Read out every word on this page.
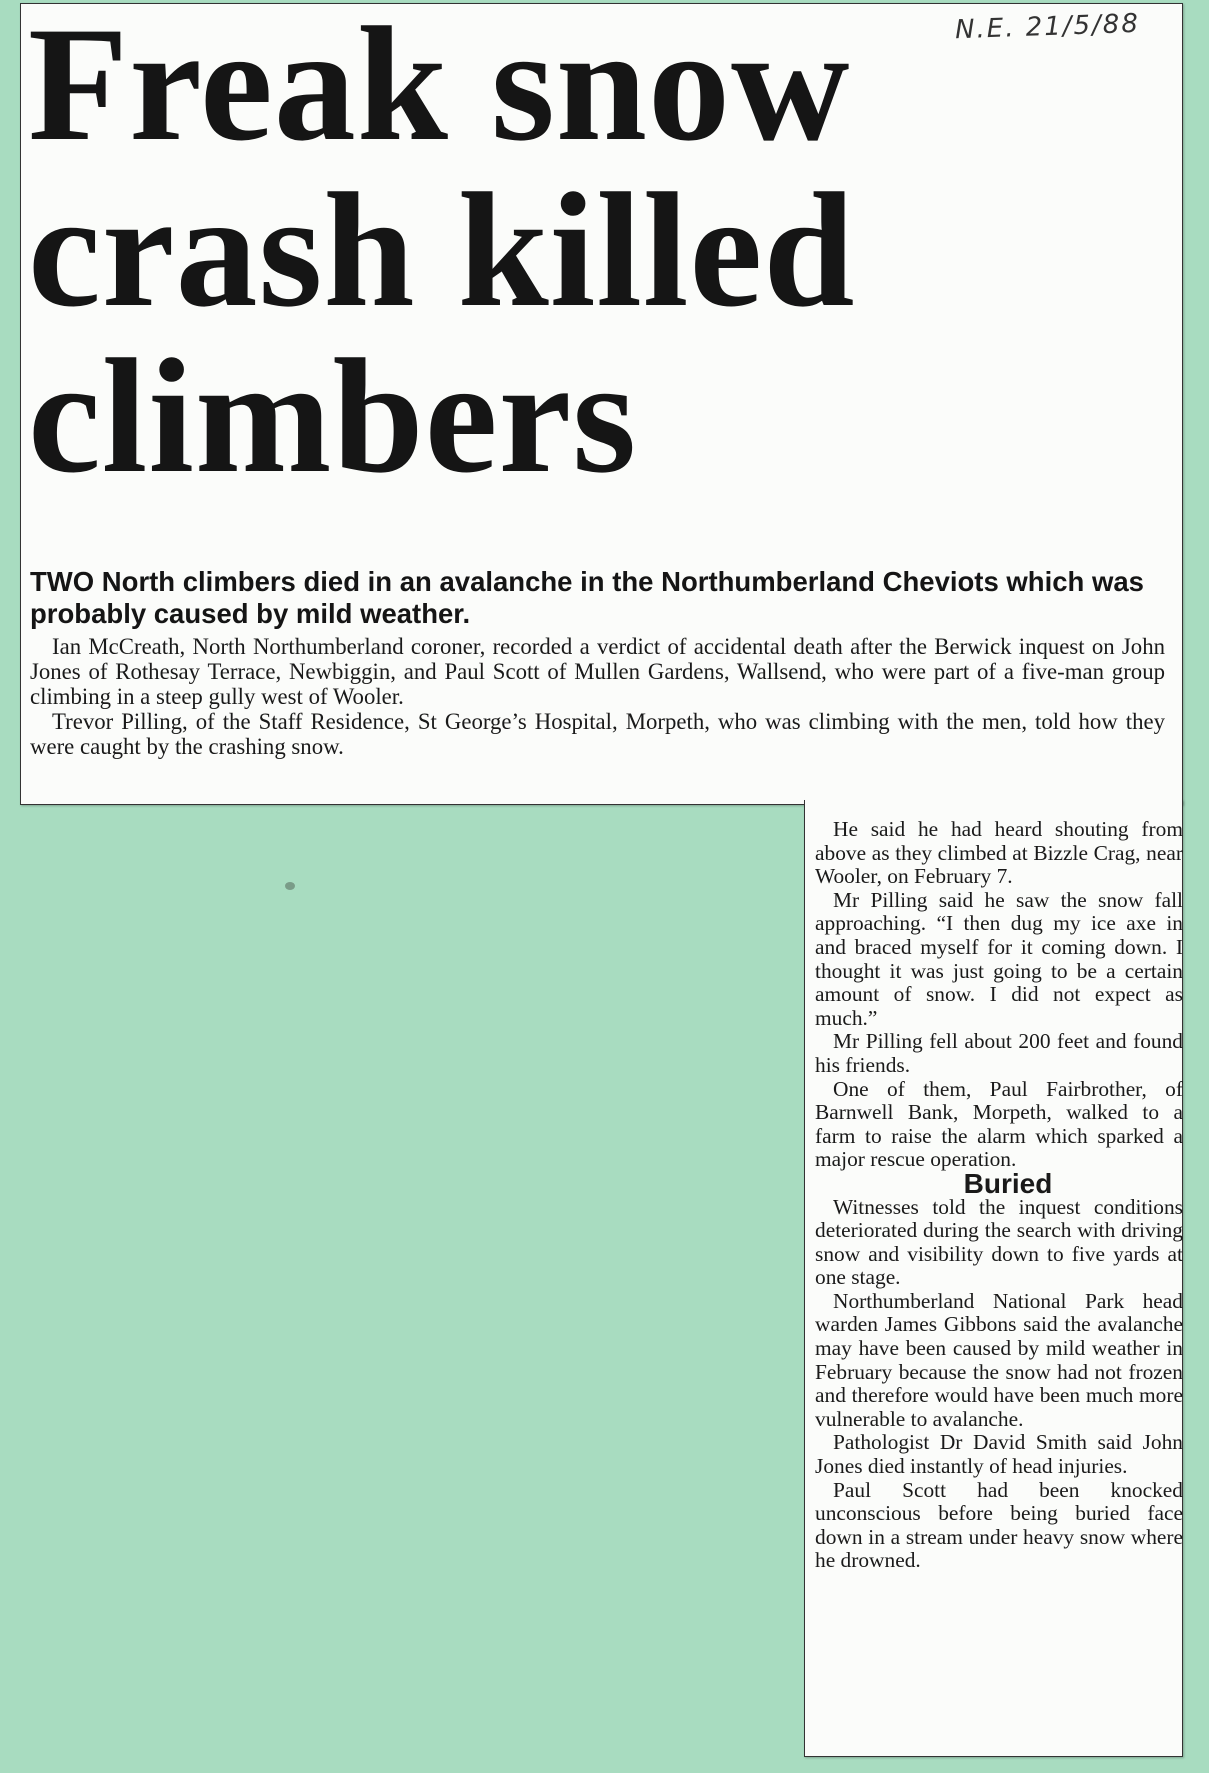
N.E. 21/5/88
Freak snow
crash killed
climbers
TWO North climbers died in an avalanche in the Northumberland Cheviots which was probably caused by mild weather.

Ian McCreath, North Northumberland coroner, recorded a verdict of accidental death after the Berwick inquest on John Jones of Rothesay Terrace, Newbiggin, and Paul Scott of Mullen Gardens, Wallsend, who were part of a five-man group climbing in a steep gully west of Wooler.

Trevor Pilling, of the Staff Residence, St George’s Hospital, Morpeth, who was climbing with the men, told how they were caught by the crashing snow.

He said he had heard shouting from above as they climbed at Bizzle Crag, near Wooler, on February 7.

Mr Pilling said he saw the snow fall approaching. “I then dug my ice axe in and braced myself for it coming down. I thought it was just going to be a certain amount of snow. I did not expect as much.”

Mr Pilling fell about 200 feet and found his friends.

One of them, Paul Fairbrother, of Barnwell Bank, Morpeth, walked to a farm to raise the alarm which sparked a major rescue operation.

Buried

Witnesses told the inquest conditions deteriorated during the search with driving snow and visibility down to five yards at one stage.

Northumberland National Park head warden James Gibbons said the avalanche may have been caused by mild weather in February because the snow had not frozen and therefore would have been much more vulnerable to avalanche.

Pathologist Dr David Smith said John Jones died instantly of head injuries.

Paul Scott had been knocked unconscious before being buried face down in a stream under heavy snow where he drowned.
